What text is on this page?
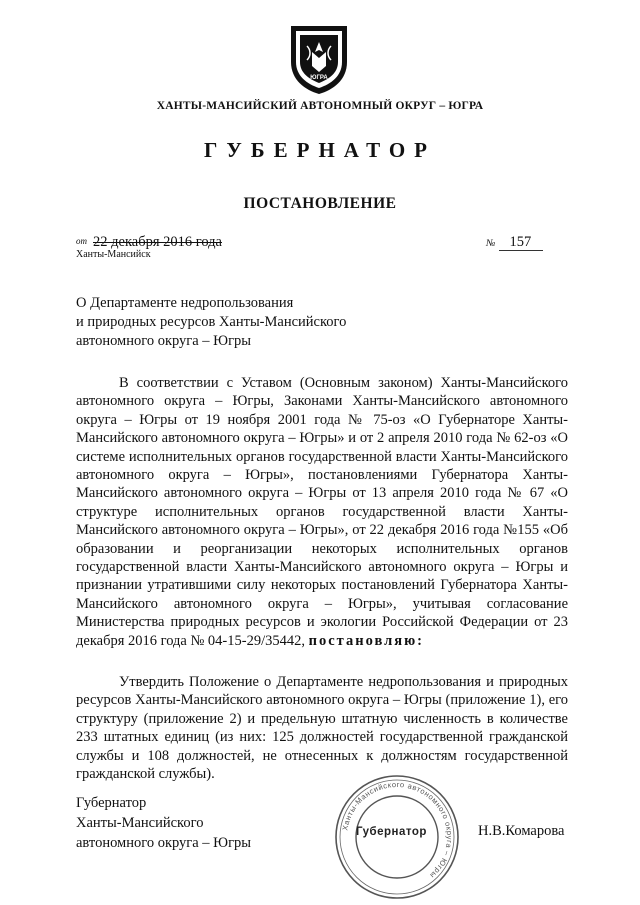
ЮГРА
ХАНТЫ-МАНСИЙСКИЙ АВТОНОМНЫЙ ОКРУГ – ЮГРА
ГУБЕРНАТОР
ПОСТАНОВЛЕНИЕ
от 22 декабря 2016 года
Ханты-Мансийск
№ 157
О Департаменте недропользования
и природных ресурсов Ханты-Мансийского
автономного округа – Югры
В соответствии с Уставом (Основным законом) Ханты-Мансийского автономного округа – Югры, Законами Ханты-Мансийского автономного округа – Югры от 19 ноября 2001 года № 75-оз «О Губернаторе Ханты-Мансийского автономного округа – Югры» и от 2 апреля 2010 года № 62-оз «О системе исполнительных органов государственной власти Ханты-Мансийского автономного округа – Югры», постановлениями Губернатора Ханты-Мансийского автономного округа – Югры от 13 апреля 2010 года № 67 «О структуре исполнительных органов государственной власти Ханты-Мансийского автономного округа – Югры», от 22 декабря 2016 года №155 «Об образовании и реорганизации некоторых исполнительных органов государственной власти Ханты-Мансийского автономного округа – Югры и признании утратившими силу некоторых постановлений Губернатора Ханты-Мансийского автономного округа – Югры», учитывая согласование Министерства природных ресурсов и экологии Российской Федерации от 23 декабря 2016 года № 04-15-29/35442, постановляю:
Утвердить Положение о Департаменте недропользования и природных ресурсов Ханты-Мансийского автономного округа – Югры (приложение 1), его структуру (приложение 2) и предельную штатную численность в количестве 233 штатных единиц (из них: 125 должностей государственной гражданской службы и 108 должностей, не отнесенных к должностям государственной гражданской службы).
Губернатор
Ханты-Мансийского
автономного округа – Югры
Ханты-Мансийского автономного округа – Югры
Губернатор	Н.В.Комарова
